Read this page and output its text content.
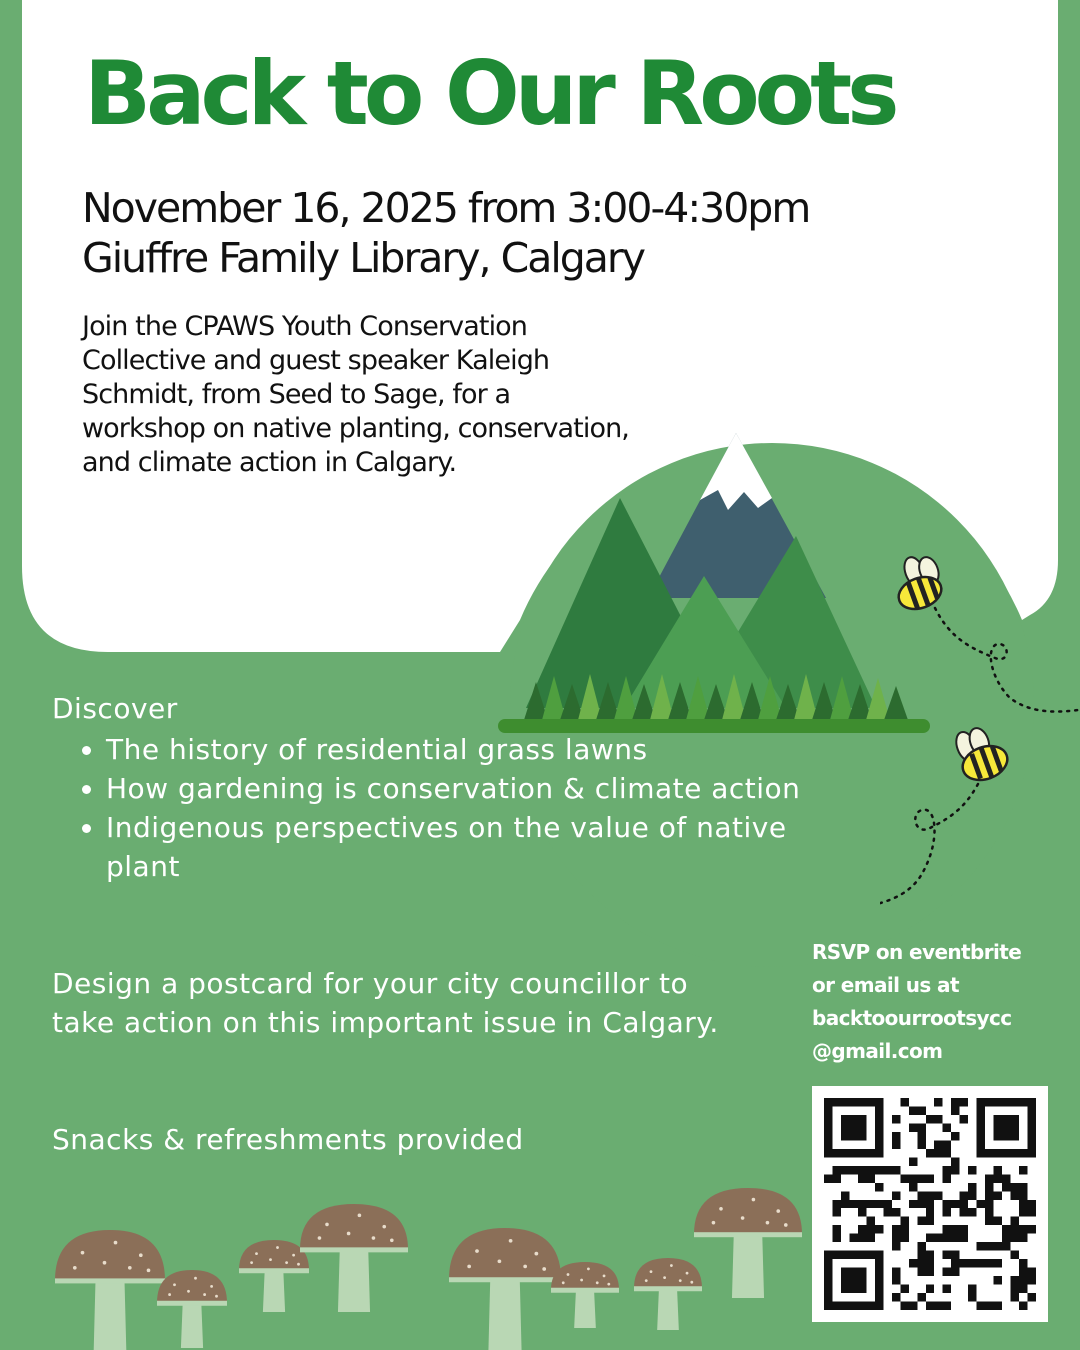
Back to Our Roots
November 16, 2025 from 3:00-4:30pm
Giuffre Family Library, Calgary
Join the CPAWS Youth Conservation
Collective and guest speaker Kaleigh
Schmidt, from Seed to Sage, for a
workshop on native planting, conservation,
and climate action in Calgary.
Discover
• The history of residential grass lawns
• How gardening is conservation & climate action
• Indigenous perspectives on the value of native plant

Design a postcard for your city councillor to take action on this important issue in Calgary.

Snacks & refreshments provided

RSVP on eventbrite
or email us at
backtoourrootsycc
@gmail.com
